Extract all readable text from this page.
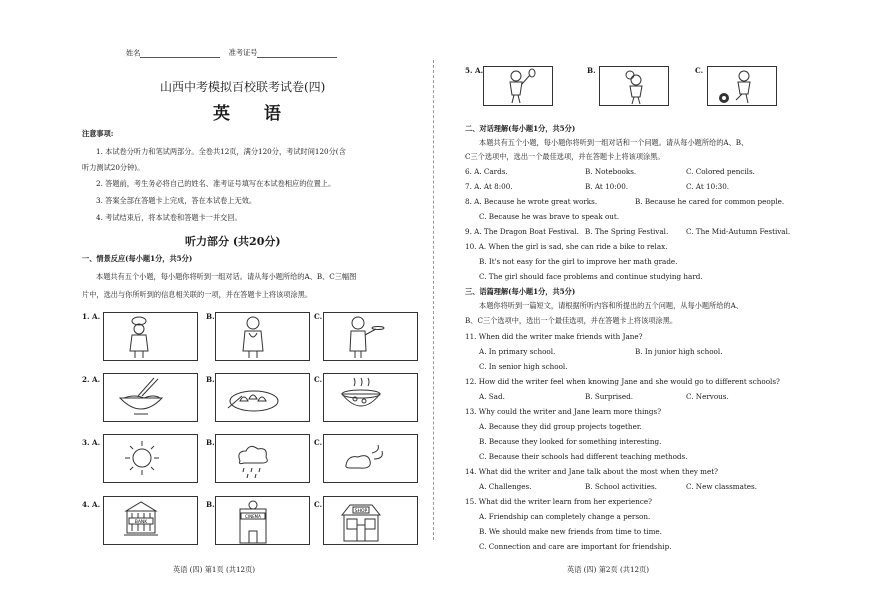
姓名	准考证号
山西中考模拟百校联考试卷(四)
英 语
注意事项:
1. 本试卷分听力和笔试两部分。全卷共12页，满分120分，考试时间120分(含
听力测试20分钟)。
2. 答题前，考生务必将自己的姓名、准考证号填写在本试卷相应的位置上。
3. 答案全部在答题卡上完成，答在本试卷上无效。
4. 考试结束后，将本试卷和答题卡一并交回。
听力部分 (共20分)
一、情景反应(每小题1分，共5分)
本题共有五个小题，每小题你将听到一组对话。请从每小题所给的A、B、C三幅图
片中，选出与你所听到的信息相关联的一项，并在答题卡上将该项涂黑。
1. A.	B.	C.
2. A.	B.	C.
3. A.	B.	C.
4. A.
BANK
B.
CINEMA
C.
SHOP
英语 (四) 第1页 (共12页)
5. A.	B.	C.
二、对话理解(每小题1分，共5分)
本题共有五个小题，每小题你将听到一组对话和一个问题。请从每小题所给的A、B、
C三个选项中，选出一个最佳选项，并在答题卡上将该项涂黑。
6. A. Cards.	B. Notebooks.	C. Colored pencils.
7. A. At 8:00.	B. At 10:00.	C. At 10:30.
8. A. Because he wrote great works.	B. Because he cared for common people.
C. Because he was brave to speak out.
9. A. The Dragon Boat Festival. B. The Spring Festival. C. The Mid-Autumn Festival.
10. A. When the girl is sad, she can ride a bike to relax.
B. It's not easy for the girl to improve her math grade.
C. The girl should face problems and continue studying hard.
三、语篇理解(每小题1分，共5分)
本题你将听到一篇短文，请根据所听内容和所提出的五个问题，从每小题所给的A、
B、C三个选项中，选出一个最佳选项，并在答题卡上将该项涂黑。
11. When did the writer make friends with Jane?
A. In primary school.	B. In junior high school.
C. In senior high school.
12. How did the writer feel when knowing Jane and she would go to different schools?
A. Sad.	B. Surprised.	C. Nervous.
13. Why could the writer and Jane learn more things?
A. Because they did group projects together.
B. Because they looked for something interesting.
C. Because their schools had different teaching methods.
14. What did the writer and Jane talk about the most when they met?
A. Challenges.	B. School activities.	C. New classmates.
15. What did the writer learn from her experience?
A. Friendship can completely change a person.
B. We should make new friends from time to time.
C. Connection and care are important for friendship.
英语 (四) 第2页 (共12页)
